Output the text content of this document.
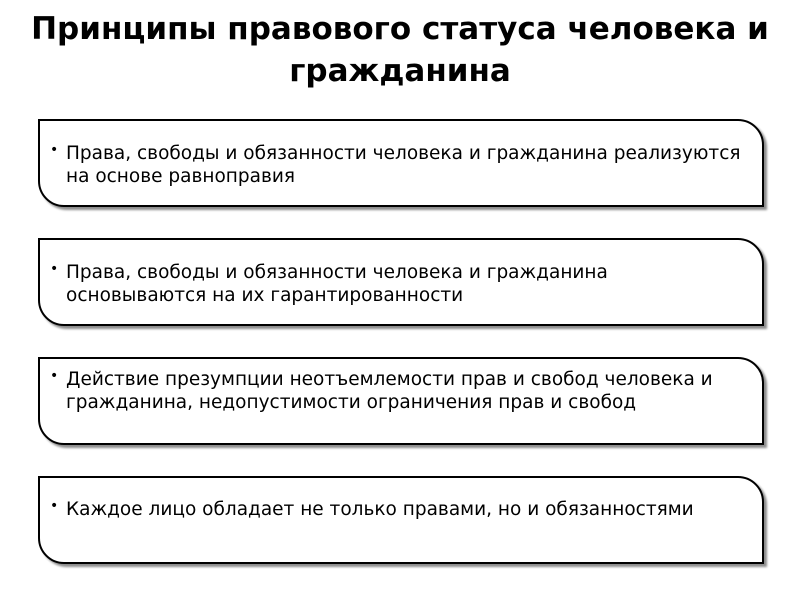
Принципы правового статуса человека и гражданина
• Права, свободы и обязанности человека и гражданина реализуются на основе равноправия
• Права, свободы и обязанности человека и гражданина основываются на их гарантированности
• Действие презумпции неотъемлемости прав и свобод человека и гражданина, недопустимости ограничения прав и свобод
• Каждое лицо обладает не только правами, но и обязанностями
